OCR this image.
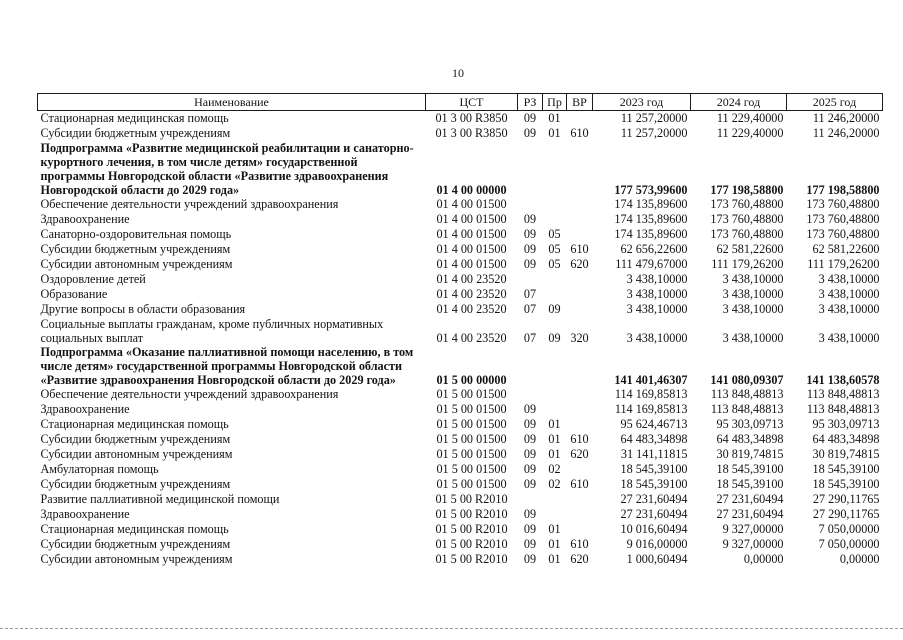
10
Наименование	ЦСТ	РЗ	Пр	ВР	2023 год	2024 год	2025 год
Стационарная медицинская помощь	01 3 00 R3850	09	01		11 257,20000	11 229,40000	11 246,20000
Субсидии бюджетным учреждениям	01 3 00 R3850	09	01	610	11 257,20000	11 229,40000	11 246,20000
Подпрограмма «Развитие медицинской реабилитации и санаторно-курортного лечения, в том числе детям» государственной программы Новгородской области «Развитие здравоохранения Новгородской области до 2029 года»	01 4 00 00000				177 573,99600	177 198,58800	177 198,58800
Обеспечение деятельности учреждений здравоохранения	01 4 00 01500				174 135,89600	173 760,48800	173 760,48800
Здравоохранение	01 4 00 01500	09			174 135,89600	173 760,48800	173 760,48800
Санаторно-оздоровительная помощь	01 4 00 01500	09	05		174 135,89600	173 760,48800	173 760,48800
Субсидии бюджетным учреждениям	01 4 00 01500	09	05	610	62 656,22600	62 581,22600	62 581,22600
Субсидии автономным учреждениям	01 4 00 01500	09	05	620	111 479,67000	111 179,26200	111 179,26200
Оздоровление детей	01 4 00 23520				3 438,10000	3 438,10000	3 438,10000
Образование	01 4 00 23520	07			3 438,10000	3 438,10000	3 438,10000
Другие вопросы в области образования	01 4 00 23520	07	09		3 438,10000	3 438,10000	3 438,10000
Социальные выплаты гражданам, кроме публичных нормативных социальных выплат	01 4 00 23520	07	09	320	3 438,10000	3 438,10000	3 438,10000
Подпрограмма «Оказание паллиативной помощи населению, в том числе детям» государственной программы Новгородской области «Развитие здравоохранения Новгородской области до 2029 года»	01 5 00 00000				141 401,46307	141 080,09307	141 138,60578
Обеспечение деятельности учреждений здравоохранения	01 5 00 01500				114 169,85813	113 848,48813	113 848,48813
Здравоохранение	01 5 00 01500	09			114 169,85813	113 848,48813	113 848,48813
Стационарная медицинская помощь	01 5 00 01500	09	01		95 624,46713	95 303,09713	95 303,09713
Субсидии бюджетным учреждениям	01 5 00 01500	09	01	610	64 483,34898	64 483,34898	64 483,34898
Субсидии автономным учреждениям	01 5 00 01500	09	01	620	31 141,11815	30 819,74815	30 819,74815
Амбулаторная помощь	01 5 00 01500	09	02		18 545,39100	18 545,39100	18 545,39100
Субсидии бюджетным учреждениям	01 5 00 01500	09	02	610	18 545,39100	18 545,39100	18 545,39100
Развитие паллиативной медицинской помощи	01 5 00 R2010				27 231,60494	27 231,60494	27 290,11765
Здравоохранение	01 5 00 R2010	09			27 231,60494	27 231,60494	27 290,11765
Стационарная медицинская помощь	01 5 00 R2010	09	01		10 016,60494	9 327,00000	7 050,00000
Субсидии бюджетным учреждениям	01 5 00 R2010	09	01	610	9 016,00000	9 327,00000	7 050,00000
Субсидии автономным учреждениям	01 5 00 R2010	09	01	620	1 000,60494	0,00000	0,00000
